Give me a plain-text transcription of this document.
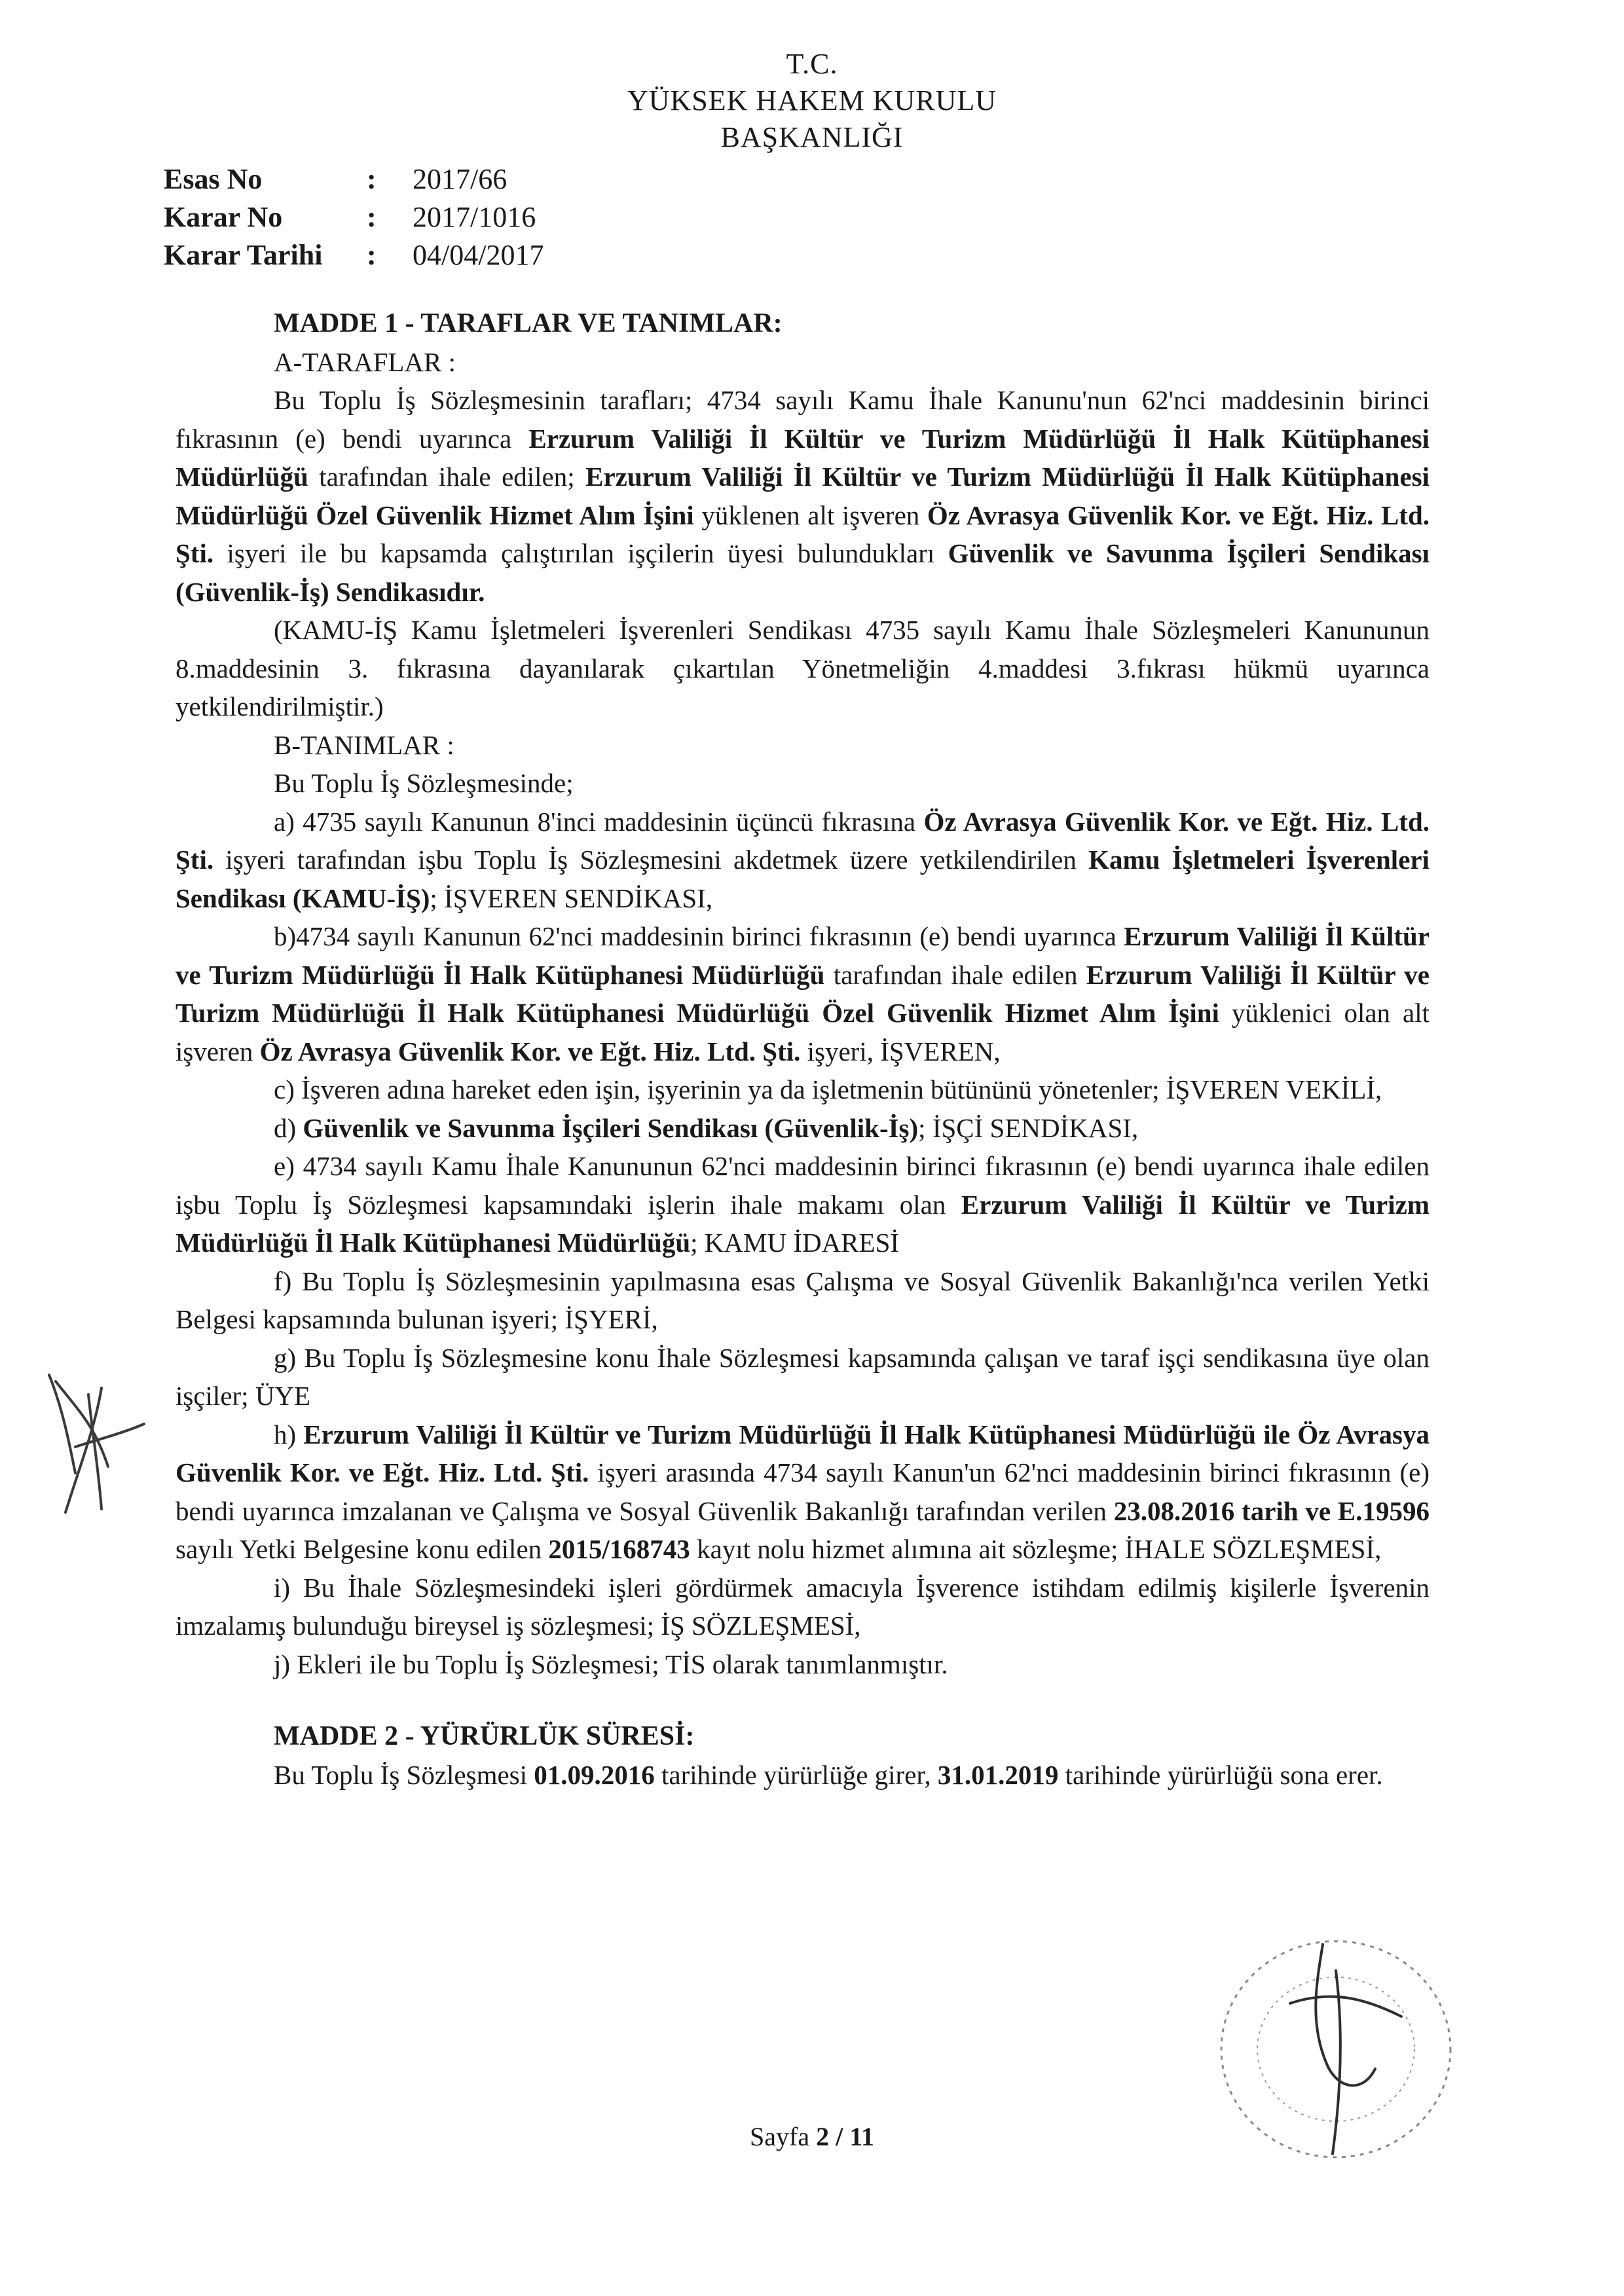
T.C.
YÜKSEK HAKEM KURULU
BAŞKANLIĞI
Esas No	:	2017/66
Karar No	:	2017/1016
Karar Tarihi	:	04/04/2017

MADDE 1 - TARAFLAR VE TANIMLAR:

A-TARAFLAR :

Bu Toplu İş Sözleşmesinin tarafları; 4734 sayılı Kamu İhale Kanunu'nun 62'nci maddesinin birinci fıkrasının (e) bendi uyarınca Erzurum Valiliği İl Kültür ve Turizm Müdürlüğü İl Halk Kütüphanesi Müdürlüğü tarafından ihale edilen; Erzurum Valiliği İl Kültür ve Turizm Müdürlüğü İl Halk Kütüphanesi Müdürlüğü Özel Güvenlik Hizmet Alım İşini yüklenen alt işveren Öz Avrasya Güvenlik Kor. ve Eğt. Hiz. Ltd. Şti. işyeri ile bu kapsamda çalıştırılan işçilerin üyesi bulundukları Güvenlik ve Savunma İşçileri Sendikası (Güvenlik-İş) Sendikasıdır.

(KAMU-İŞ Kamu İşletmeleri İşverenleri Sendikası 4735 sayılı Kamu İhale Sözleşmeleri Kanununun 8.maddesinin 3. fıkrasına dayanılarak çıkartılan Yönetmeliğin 4.maddesi 3.fıkrası hükmü uyarınca yetkilendirilmiştir.)

B-TANIMLAR :

Bu Toplu İş Sözleşmesinde;

a) 4735 sayılı Kanunun 8'inci maddesinin üçüncü fıkrasına Öz Avrasya Güvenlik Kor. ve Eğt. Hiz. Ltd. Şti. işyeri tarafından işbu Toplu İş Sözleşmesini akdetmek üzere yetkilendirilen Kamu İşletmeleri İşverenleri Sendikası (KAMU-İŞ); İŞVEREN SENDİKASI,

b)4734 sayılı Kanunun 62'nci maddesinin birinci fıkrasının (e) bendi uyarınca Erzurum Valiliği İl Kültür ve Turizm Müdürlüğü İl Halk Kütüphanesi Müdürlüğü tarafından ihale edilen Erzurum Valiliği İl Kültür ve Turizm Müdürlüğü İl Halk Kütüphanesi Müdürlüğü Özel Güvenlik Hizmet Alım İşini yüklenici olan alt işveren Öz Avrasya Güvenlik Kor. ve Eğt. Hiz. Ltd. Şti. işyeri, İŞVEREN,

c) İşveren adına hareket eden işin, işyerinin ya da işletmenin bütününü yönetenler; İŞVEREN VEKİLİ,

d) Güvenlik ve Savunma İşçileri Sendikası (Güvenlik-İş); İŞÇİ SENDİKASI,

e) 4734 sayılı Kamu İhale Kanununun 62'nci maddesinin birinci fıkrasının (e) bendi uyarınca ihale edilen işbu Toplu İş Sözleşmesi kapsamındaki işlerin ihale makamı olan Erzurum Valiliği İl Kültür ve Turizm Müdürlüğü İl Halk Kütüphanesi Müdürlüğü; KAMU İDARESİ

f) Bu Toplu İş Sözleşmesinin yapılmasına esas Çalışma ve Sosyal Güvenlik Bakanlığı'nca verilen Yetki Belgesi kapsamında bulunan işyeri; İŞYERİ,

g) Bu Toplu İş Sözleşmesine konu İhale Sözleşmesi kapsamında çalışan ve taraf işçi sendikasına üye olan işçiler; ÜYE

h) Erzurum Valiliği İl Kültür ve Turizm Müdürlüğü İl Halk Kütüphanesi Müdürlüğü ile Öz Avrasya Güvenlik Kor. ve Eğt. Hiz. Ltd. Şti. işyeri arasında 4734 sayılı Kanun'un 62'nci maddesinin birinci fıkrasının (e) bendi uyarınca imzalanan ve Çalışma ve Sosyal Güvenlik Bakanlığı tarafından verilen 23.08.2016 tarih ve E.19596 sayılı Yetki Belgesine konu edilen 2015/168743 kayıt nolu hizmet alımına ait sözleşme; İHALE SÖZLEŞMESİ,

i) Bu İhale Sözleşmesindeki işleri gördürmek amacıyla İşverence istihdam edilmiş kişilerle İşverenin imzalamış bulunduğu bireysel iş sözleşmesi; İŞ SÖZLEŞMESİ,

j) Ekleri ile bu Toplu İş Sözleşmesi; TİS olarak tanımlanmıştır.

MADDE 2 - YÜRÜRLÜK SÜRESİ:

Bu Toplu İş Sözleşmesi 01.09.2016 tarihinde yürürlüğe girer, 31.01.2019 tarihinde yürürlüğü sona erer.

Sayfa 2 / 11
